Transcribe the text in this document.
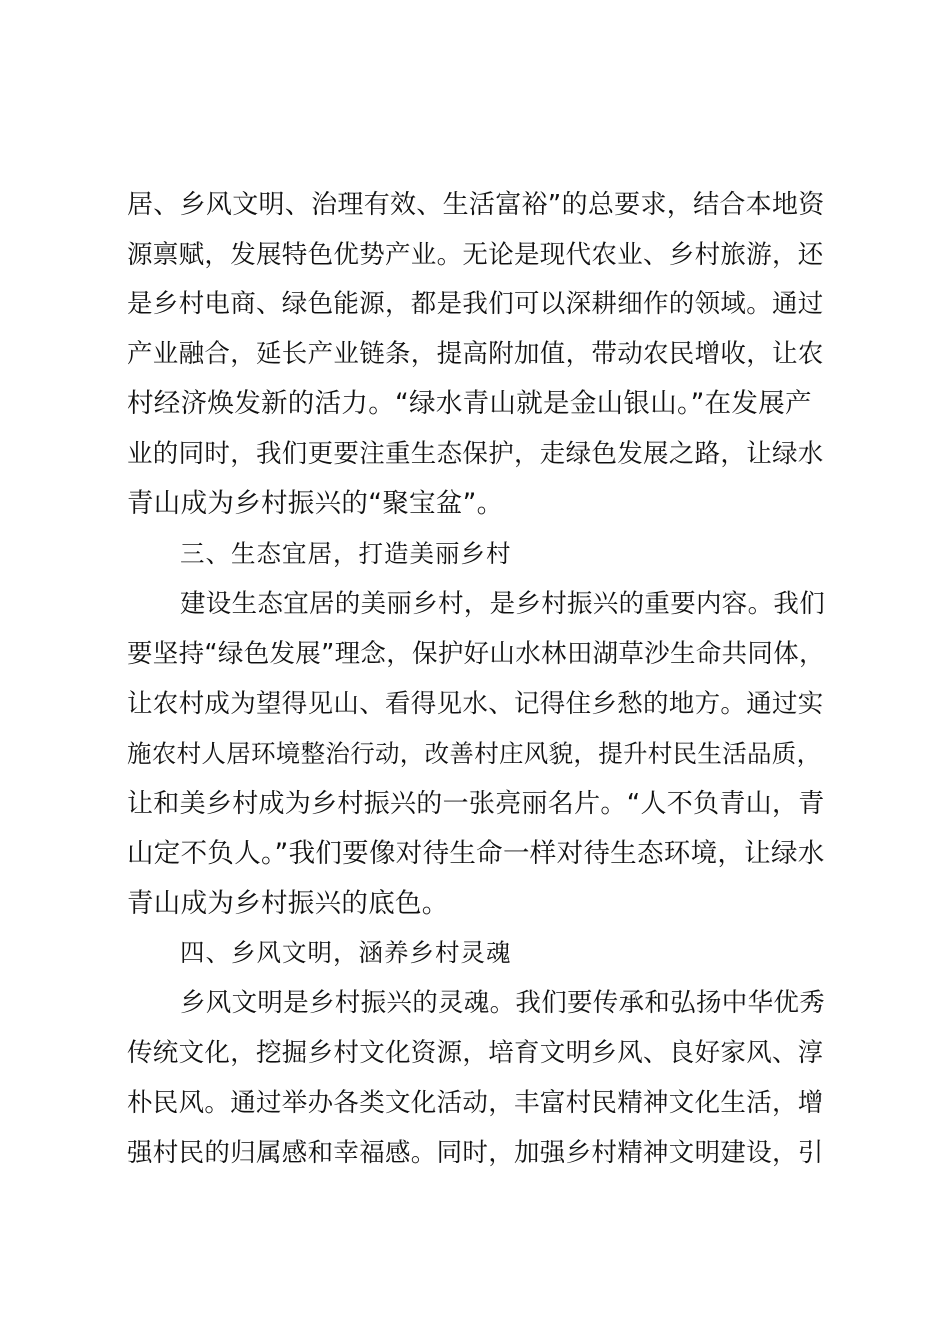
居、乡风文明、治理有效、生活富裕”的总要求，结合本地资
源禀赋，发展特色优势产业。无论是现代农业、乡村旅游，还
是乡村电商、绿色能源，都是我们可以深耕细作的领域。通过
产业融合，延长产业链条，提高附加值，带动农民增收，让农
村经济焕发新的活力。“绿水青山就是金山银山。”在发展产
业的同时，我们更要注重生态保护，走绿色发展之路，让绿水
青山成为乡村振兴的“聚宝盆”。
三、生态宜居，打造美丽乡村
建设生态宜居的美丽乡村，是乡村振兴的重要内容。我们
要坚持“绿色发展”理念，保护好山水林田湖草沙生命共同体，
让农村成为望得见山、看得见水、记得住乡愁的地方。通过实
施农村人居环境整治行动，改善村庄风貌，提升村民生活品质，
让和美乡村成为乡村振兴的一张亮丽名片。“人不负青山，青
山定不负人。”我们要像对待生命一样对待生态环境，让绿水
青山成为乡村振兴的底色。
四、乡风文明，涵养乡村灵魂
乡风文明是乡村振兴的灵魂。我们要传承和弘扬中华优秀
传统文化，挖掘乡村文化资源，培育文明乡风、良好家风、淳
朴民风。通过举办各类文化活动，丰富村民精神文化生活，增
强村民的归属感和幸福感。同时，加强乡村精神文明建设，引
